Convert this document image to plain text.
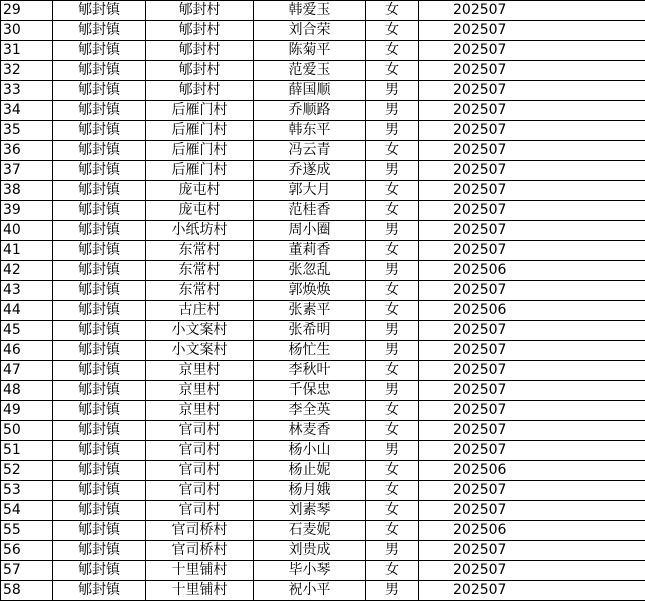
29	郇封镇	郇封村	韩爱玉	女	202507
30	郇封镇	郇封村	刘合荣	女	202507
31	郇封镇	郇封村	陈菊平	女	202507
32	郇封镇	郇封村	范爱玉	女	202507
33	郇封镇	郇封村	薛国顺	男	202507
34	郇封镇	后雁门村	乔顺路	男	202507
35	郇封镇	后雁门村	韩东平	男	202507
36	郇封镇	后雁门村	冯云青	女	202507
37	郇封镇	后雁门村	乔遂成	男	202507
38	郇封镇	庞屯村	郭大月	女	202507
39	郇封镇	庞屯村	范桂香	女	202507
40	郇封镇	小纸坊村	周小圈	男	202507
41	郇封镇	东常村	董莉香	女	202507
42	郇封镇	东常村	张忽乱	男	202506
43	郇封镇	东常村	郭焕焕	女	202507
44	郇封镇	古庄村	张素平	女	202506
45	郇封镇	小文案村	张希明	男	202507
46	郇封镇	小文案村	杨忙生	男	202507
47	郇封镇	京里村	李秋叶	女	202507
48	郇封镇	京里村	千保忠	男	202507
49	郇封镇	京里村	李全英	女	202507
50	郇封镇	官司村	林麦香	女	202507
51	郇封镇	官司村	杨小山	男	202507
52	郇封镇	官司村	杨止妮	女	202506
53	郇封镇	官司村	杨月娥	女	202507
54	郇封镇	官司村	刘素琴	女	202507
55	郇封镇	官司桥村	石麦妮	女	202506
56	郇封镇	官司桥村	刘贵成	男	202507
57	郇封镇	十里铺村	毕小琴	女	202507
58	郇封镇	十里铺村	祝小平	男	202507
